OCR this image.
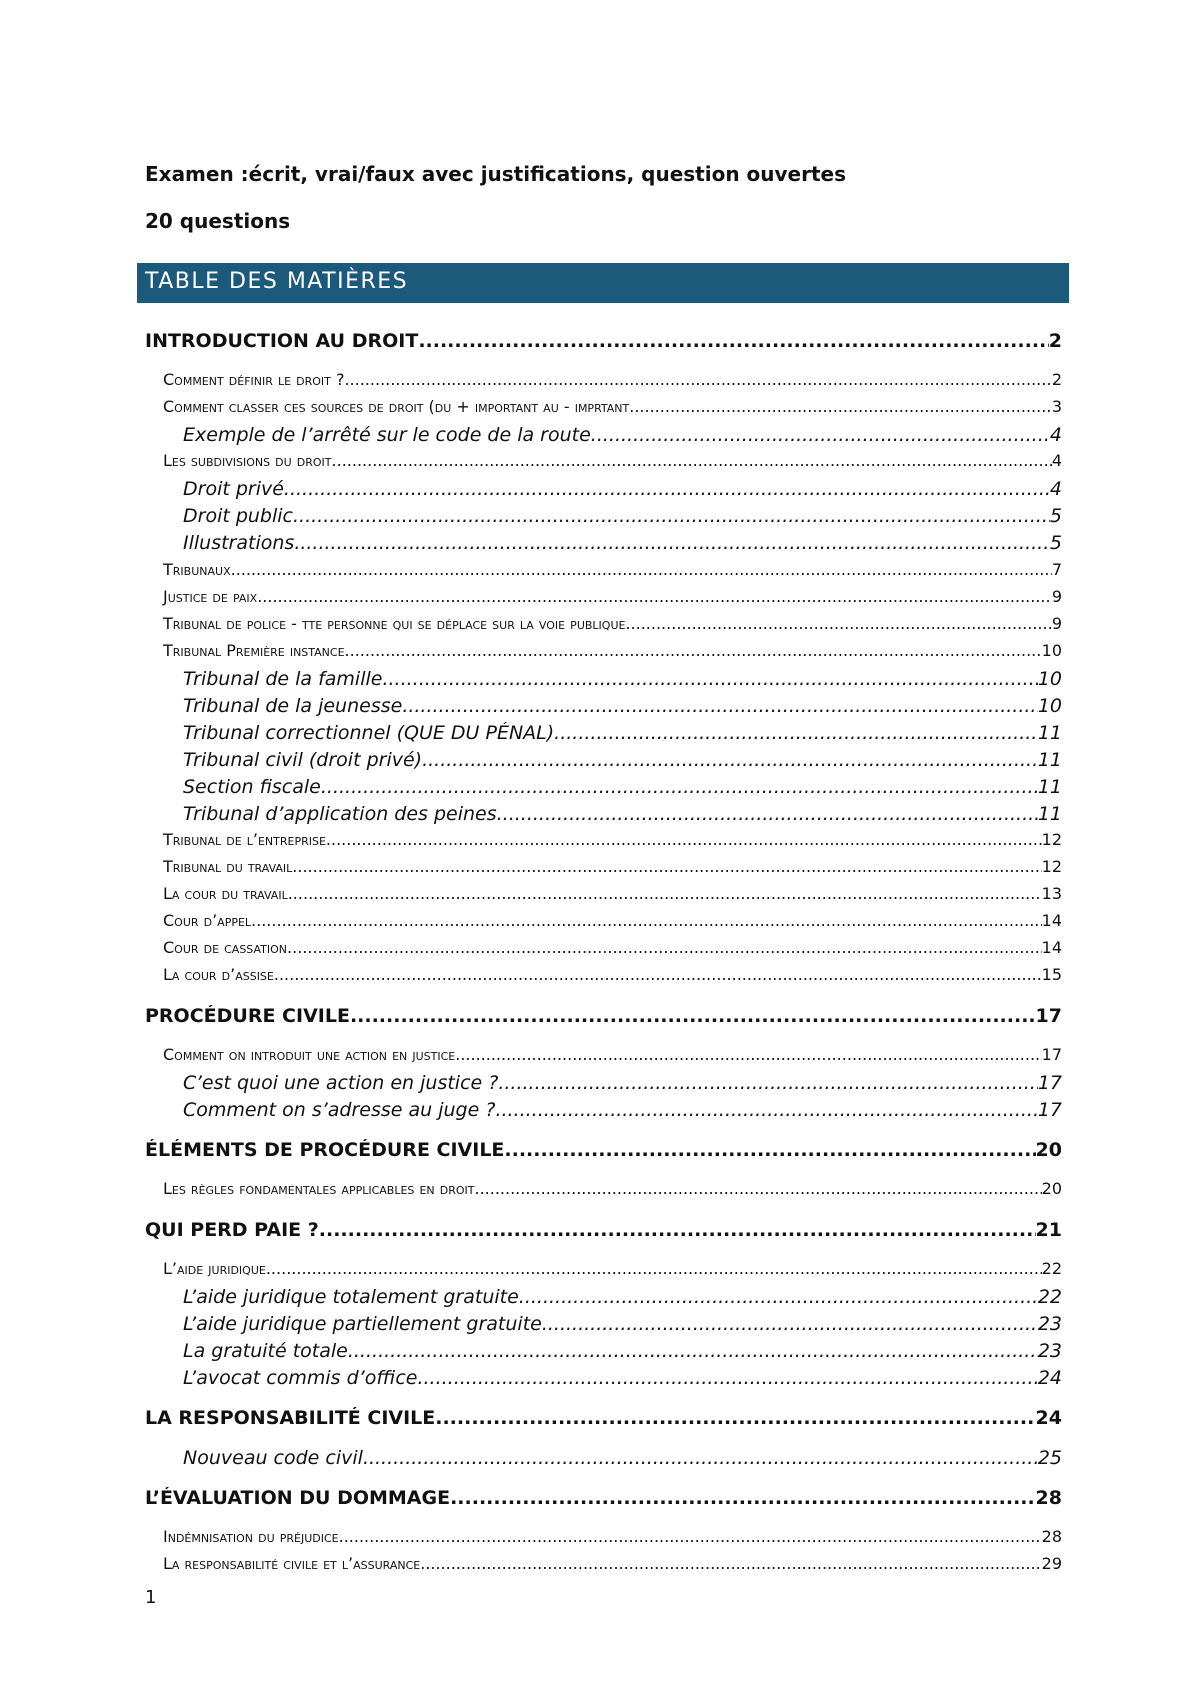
Examen :écrit, vrai/faux avec justifications, question ouvertes

20 questions

TABLE DES MATIÈRES
INTRODUCTION AU DROIT .....	2
Comment définir le droit ? .....	2
Comment classer ces sources de droit (du + important au - imprtant .....	3
Exemple de l’arrêté sur le code de la route .....	4
Les subdivisions du droit .....	4
Droit privé .....	4
Droit public .....	5
Illustrations .....	5
Tribunaux .....	7
Justice de paix .....	9
Tribunal de police - tte personne qui se déplace sur la voie publique .....	9
Tribunal Première instance .....	10
Tribunal de la famille .....	10
Tribunal de la jeunesse .....	10
Tribunal correctionnel (QUE DU PÉNAL) .....	11
Tribunal civil (droit privé) .....	11
Section fiscale .....	11
Tribunal d’application des peines .....	11
Tribunal de l’entreprise .....	12
Tribunal du travail .....	12
La cour du travail .....	13
Cour d’appel .....	14
Cour de cassation .....	14
La cour d’assise .....	15
PROCÉDURE CIVILE .....	17
Comment on introduit une action en justice .....	17
C’est quoi une action en justice ? .....	17
Comment on s’adresse au juge ? .....	17
ÉLÉMENTS DE PROCÉDURE CIVILE .....	20
Les règles fondamentales applicables en droit .....	20
QUI PERD PAIE ? .....	21
L’aide juridique .....	22
L’aide juridique totalement gratuite .....	22
L’aide juridique partiellement gratuite .....	23
La gratuité totale .....	23
L’avocat commis d’office .....	24
LA RESPONSABILITÉ CIVILE .....	24
Nouveau code civil .....	25
L’ÉVALUATION DU DOMMAGE .....	28
Indémnisation du préjudice .....	28
La responsabilité civile et l’assurance .....	29
1
